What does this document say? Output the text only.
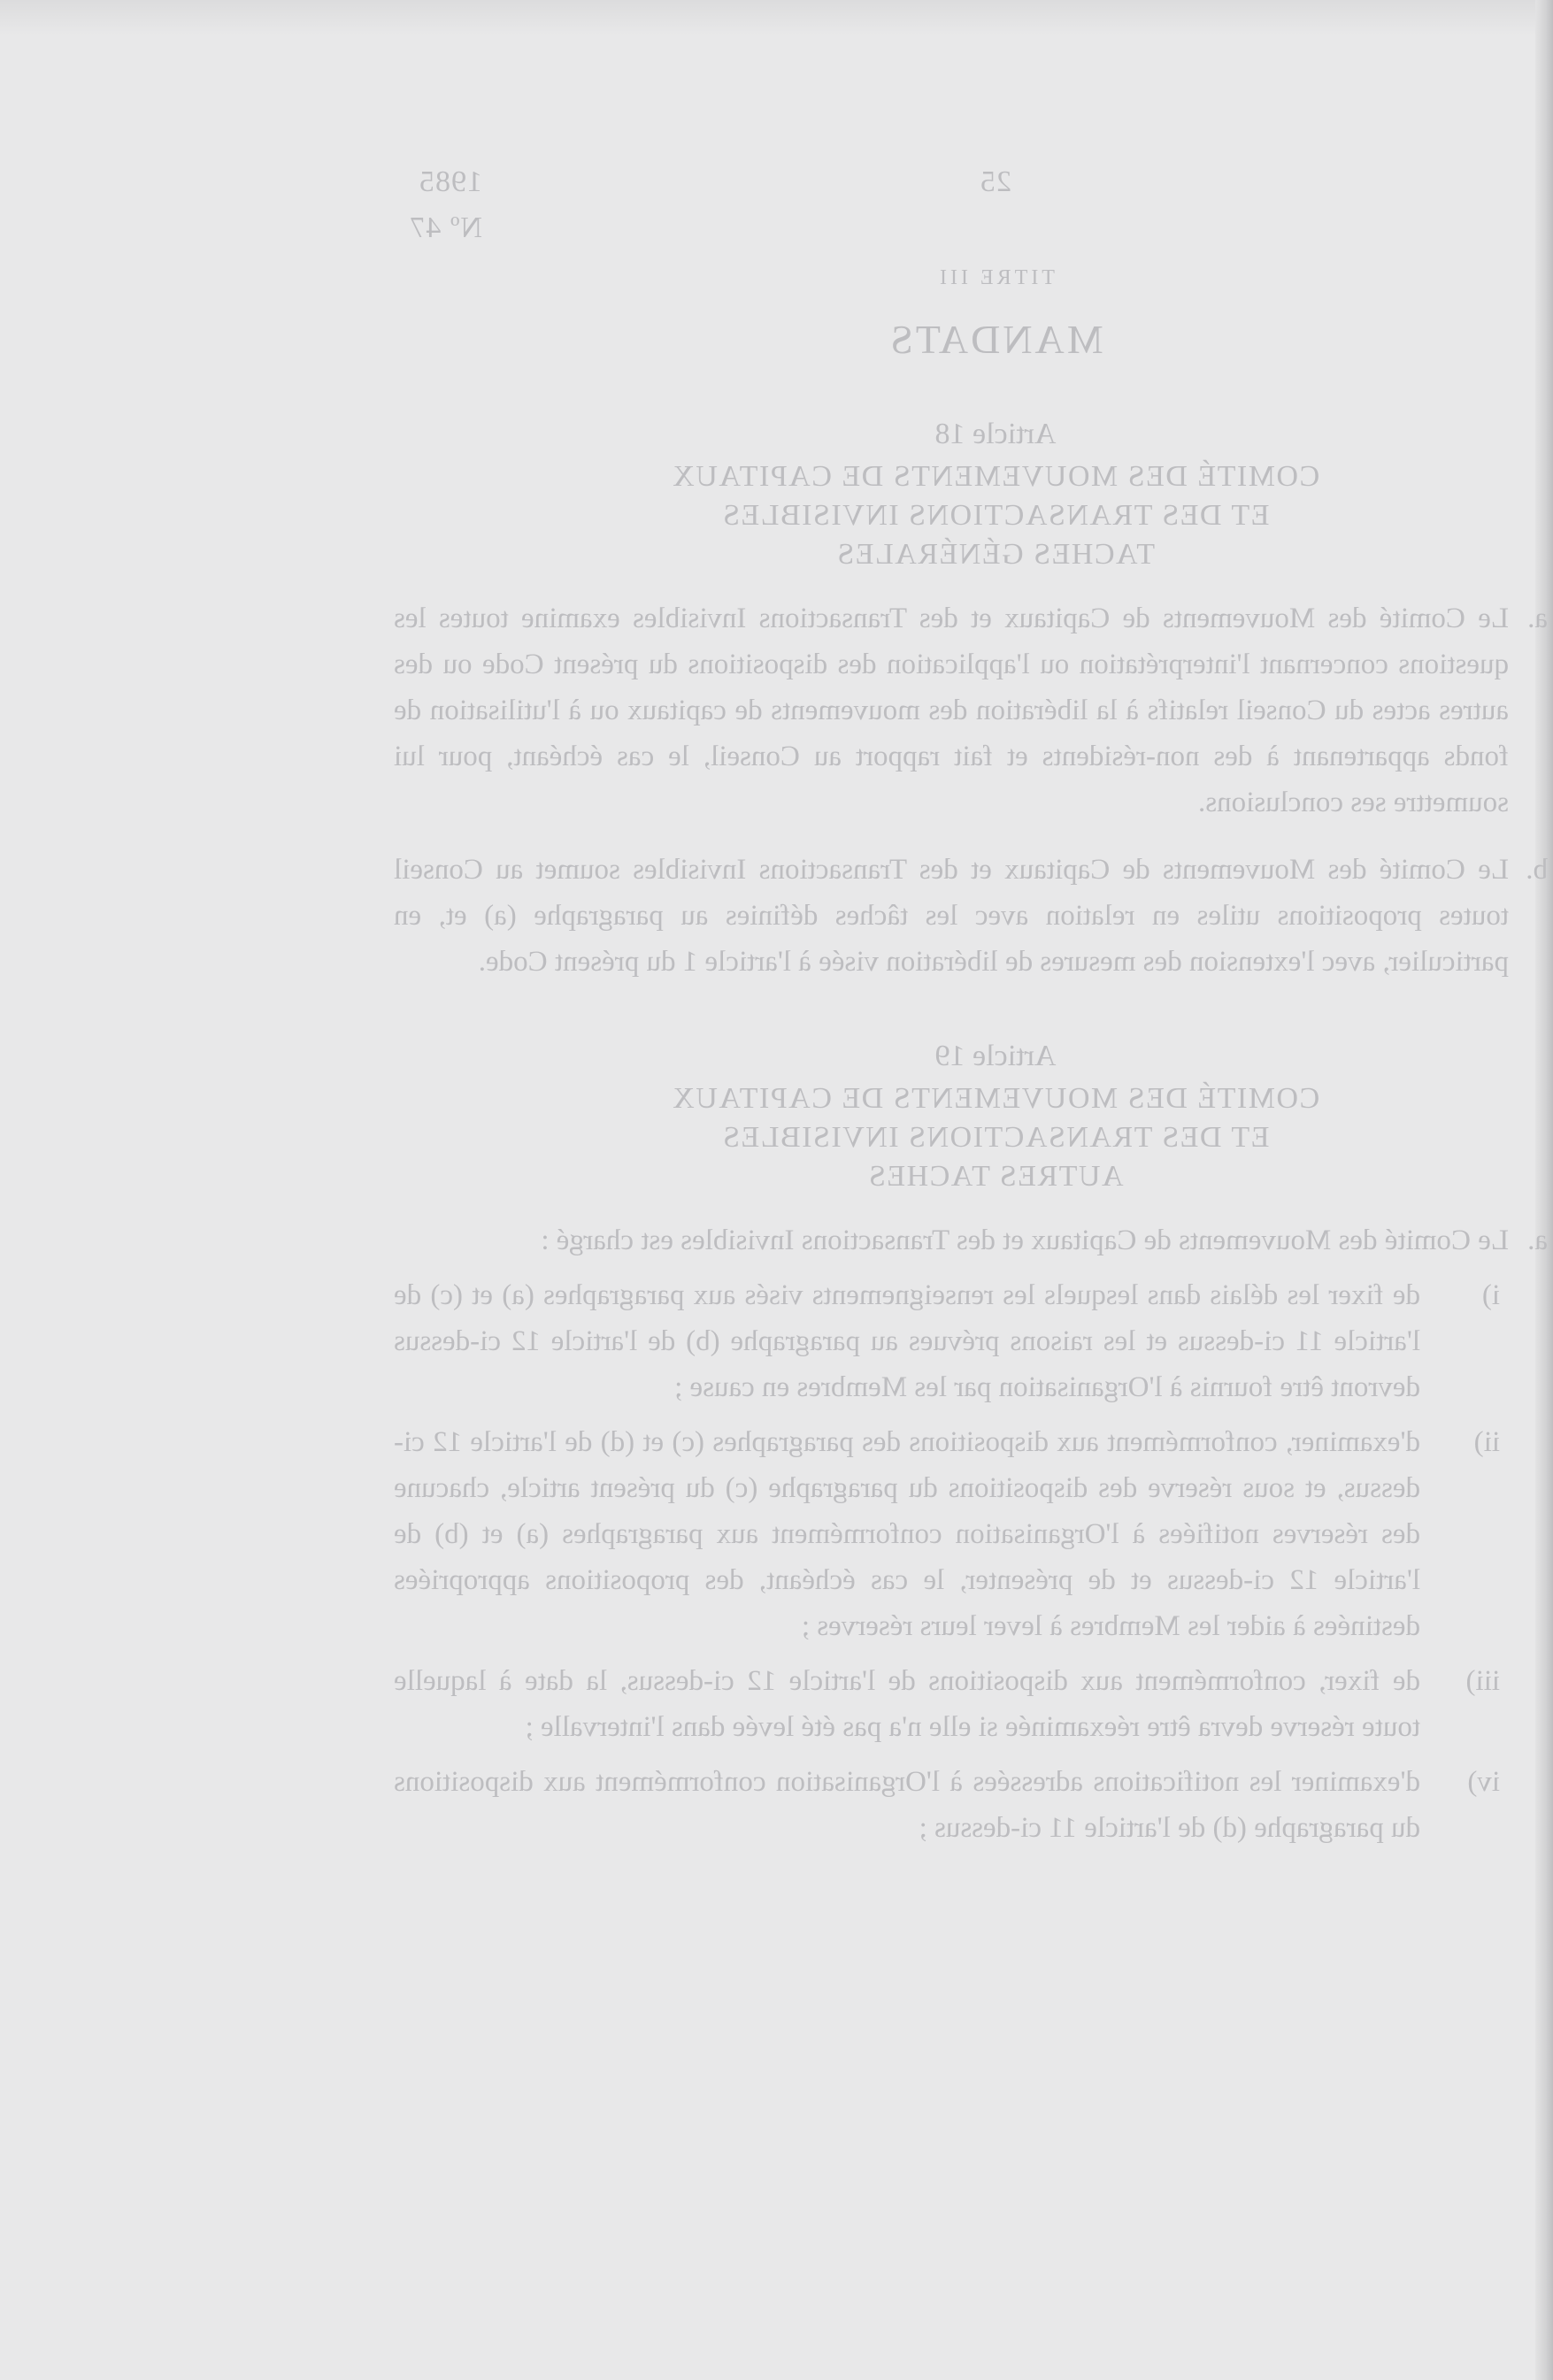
25
1985 Nº 47
TITRE III
MANDATS
Article 18
COMITÉ DES MOUVEMENTS DE CAPITAUX
ET DES TRANSACTIONS INVISIBLES
TACHES GÉNÉRALES
a.
Le Comité des Mouvements de Capitaux et des Transactions Invisibles examine toutes les questions concernant l'interprétation ou l'application des dispositions du présent Code ou des autres actes du Conseil relatifs à la libération des mouvements de capitaux ou à l'utilisation de fonds appartenant à des non-résidents et fait rapport au Conseil, le cas échéant, pour lui soumettre ses conclusions.
b.
Le Comité des Mouvements de Capitaux et des Transactions Invisibles soumet au Conseil toutes propositions utiles en relation avec les tâches définies au paragraphe (a) et, en particulier, avec l'extension des mesures de libération visée à l'article 1 du présent Code.
Article 19
COMITÉ DES MOUVEMENTS DE CAPITAUX
ET DES TRANSACTIONS INVISIBLES
AUTRES TACHES
a.
Le Comité des Mouvements de Capitaux et des Transactions Invisibles est chargé :
i)
de fixer les délais dans lesquels les renseignements visés aux paragraphes (a) et (c) de l'article 11 ci-dessus et les raisons prévues au paragraphe (b) de l'article 12 ci-dessus devront être fournis à l'Organisation par les Membres en cause ;
ii)
d'examiner, conformément aux dispositions des paragraphes (c) et (d) de l'article 12 ci-dessus, et sous réserve des dispositions du paragraphe (c) du présent article, chacune des réserves notifiées à l'Organisation conformément aux paragraphes (a) et (b) de l'article 12 ci-dessus et de présenter, le cas échéant, des propositions appropriées destinées à aider les Membres à lever leurs réserves ;
iii)
de fixer, conformément aux dispositions de l'article 12 ci-dessus, la date à laquelle toute réserve devra être réexaminée si elle n'a pas été levée dans l'intervalle ;
iv)
d'examiner les notifications adressées à l'Organisation conformément aux dispositions du paragraphe (d) de l'article 11 ci-dessus ;
